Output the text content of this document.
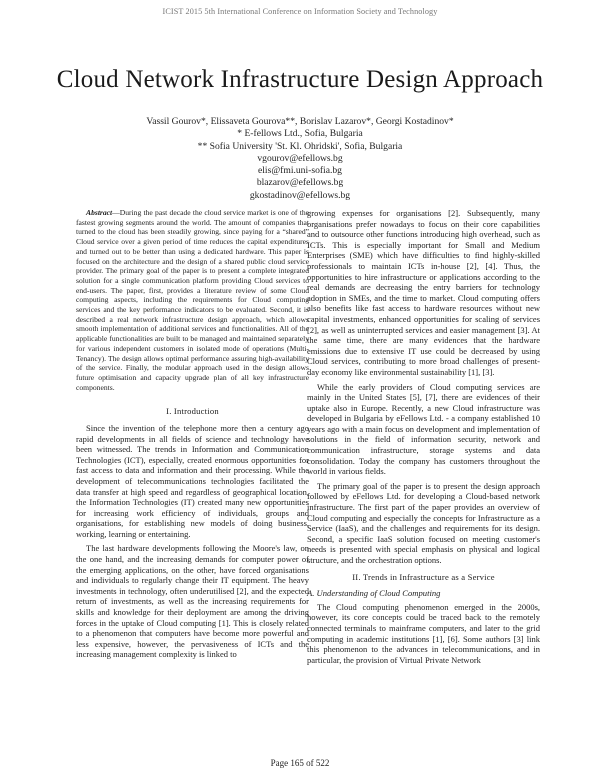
ICIST 2015 5th International Conference on Information Society and Technology
Cloud Network Infrastructure Design Approach
Vassil Gourov*, Elissaveta Gourova**, Borislav Lazarov*, Georgi Kostadinov*
* E-fellows Ltd., Sofia, Bulgaria
** Sofia University 'St. Kl. Ohridski', Sofia, Bulgaria
vgourov@efellows.bg
elis@fmi.uni-sofia.bg
blazarov@efellows.bg
gkostadinov@efellows.bg

Abstract—During the past decade the cloud service market is one of the fastest growing segments around the world. The amount of companies that turned to the cloud has been steadily growing, since paying for a “shared” Cloud service over a given period of time reduces the capital expenditures and turned out to be better than using a dedicated hardware. This paper is focused on the architecture and the design of a shared public cloud service provider. The primary goal of the paper is to present a complete integrated solution for a single communication platform providing Cloud services to end-users. The paper, first, provides a literature review of some Cloud computing aspects, including the requirements for Cloud computing services and the key performance indicators to be evaluated. Second, it is described a real network infrastructure design approach, which allows smooth implementation of additional services and functionalities. All of the applicable functionalities are built to be managed and maintained separately for various independent customers in isolated mode of operations (Multi-Tenancy). The design allows optimal performance assuring high-availability of the service. Finally, the modular approach used in the design allows future optimisation and capacity upgrade plan of all key infrastructure components.

I. Introduction

Since the invention of the telephone more then a century ago rapid developments in all fields of science and technology have been witnessed. The trends in Information and Communication Technologies (ICT), especially, created enormous opportunities for fast access to data and information and their processing. While the development of telecommunications technologies facilitated the data transfer at high speed and regardless of geographical location, the Information Technologies (IT) created many new opportunities for increasing work efficiency of individuals, groups and organisations, for establishing new models of doing business, working, learning or entertaining.

The last hardware developments following the Moore's law, on the one hand, and the increasing demands for computer power of the emerging applications, on the other, have forced organisations and individuals to regularly change their IT equipment. The heavy investments in technology, often underutilised [2], and the expected return of investments, as well as the increasing requirements for skills and knowledge for their deployment are among the driving forces in the uptake of Cloud computing [1]. This is closely related to a phenomenon that computers have become more powerful and less expensive, however, the pervasiveness of ICTs and the increasing management complexity is linked to

growing expenses for organisations [2]. Subsequently, many organisations prefer nowadays to focus on their core capabilities and to outsource other functions introducing high overhead, such as ICTs. This is especially important for Small and Medium Enterprises (SME) which have difficulties to find highly-skilled professionals to maintain ICTs in-house [2], [4]. Thus, the opportunities to hire infrastructure or applications according to the real demands are decreasing the entry barriers for technology adoption in SMEs, and the time to market. Cloud computing offers also benefits like fast access to hardware resources without new capital investments, enhanced opportunities for scaling of services [2], as well as uninterrupted services and easier management [3]. At the same time, there are many evidences that the hardware emissions due to extensive IT use could be decreased by using Cloud services, contributing to more broad challenges of present-day economy like environmental sustainability [1], [3].

While the early providers of Cloud computing services are mainly in the United States [5], [7], there are evidences of their uptake also in Europe. Recently, a new Cloud infrastructure was developed in Bulgaria by eFellows Ltd. - a company established 10 years ago with a main focus on development and implementation of solutions in the field of information security, network and communication infrastructure, storage systems and data consolidation. Today the company has customers throughout the world in various fields.

The primary goal of the paper is to present the design approach followed by eFellows Ltd. for developing a Cloud-based network infrastructure. The first part of the paper provides an overview of Cloud computing and especially the concepts for Infrastructure as a Service (IaaS), and the challenges and requirements for its design. Second, a specific IaaS solution focused on meeting customer's needs is presented with special emphasis on physical and logical structure, and the orchestration options.

II. Trends in Infrastructure as a Service
A. Understanding of Cloud Computing

The Cloud computing phenomenon emerged in the 2000s, however, its core concepts could be traced back to the remotely connected terminals to mainframe computers, and later to the grid computing in academic institutions [1], [6]. Some authors [3] link this phenomenon to the advances in telecommunications, and in particular, the provision of Virtual Private Network

Page 165 of 522
